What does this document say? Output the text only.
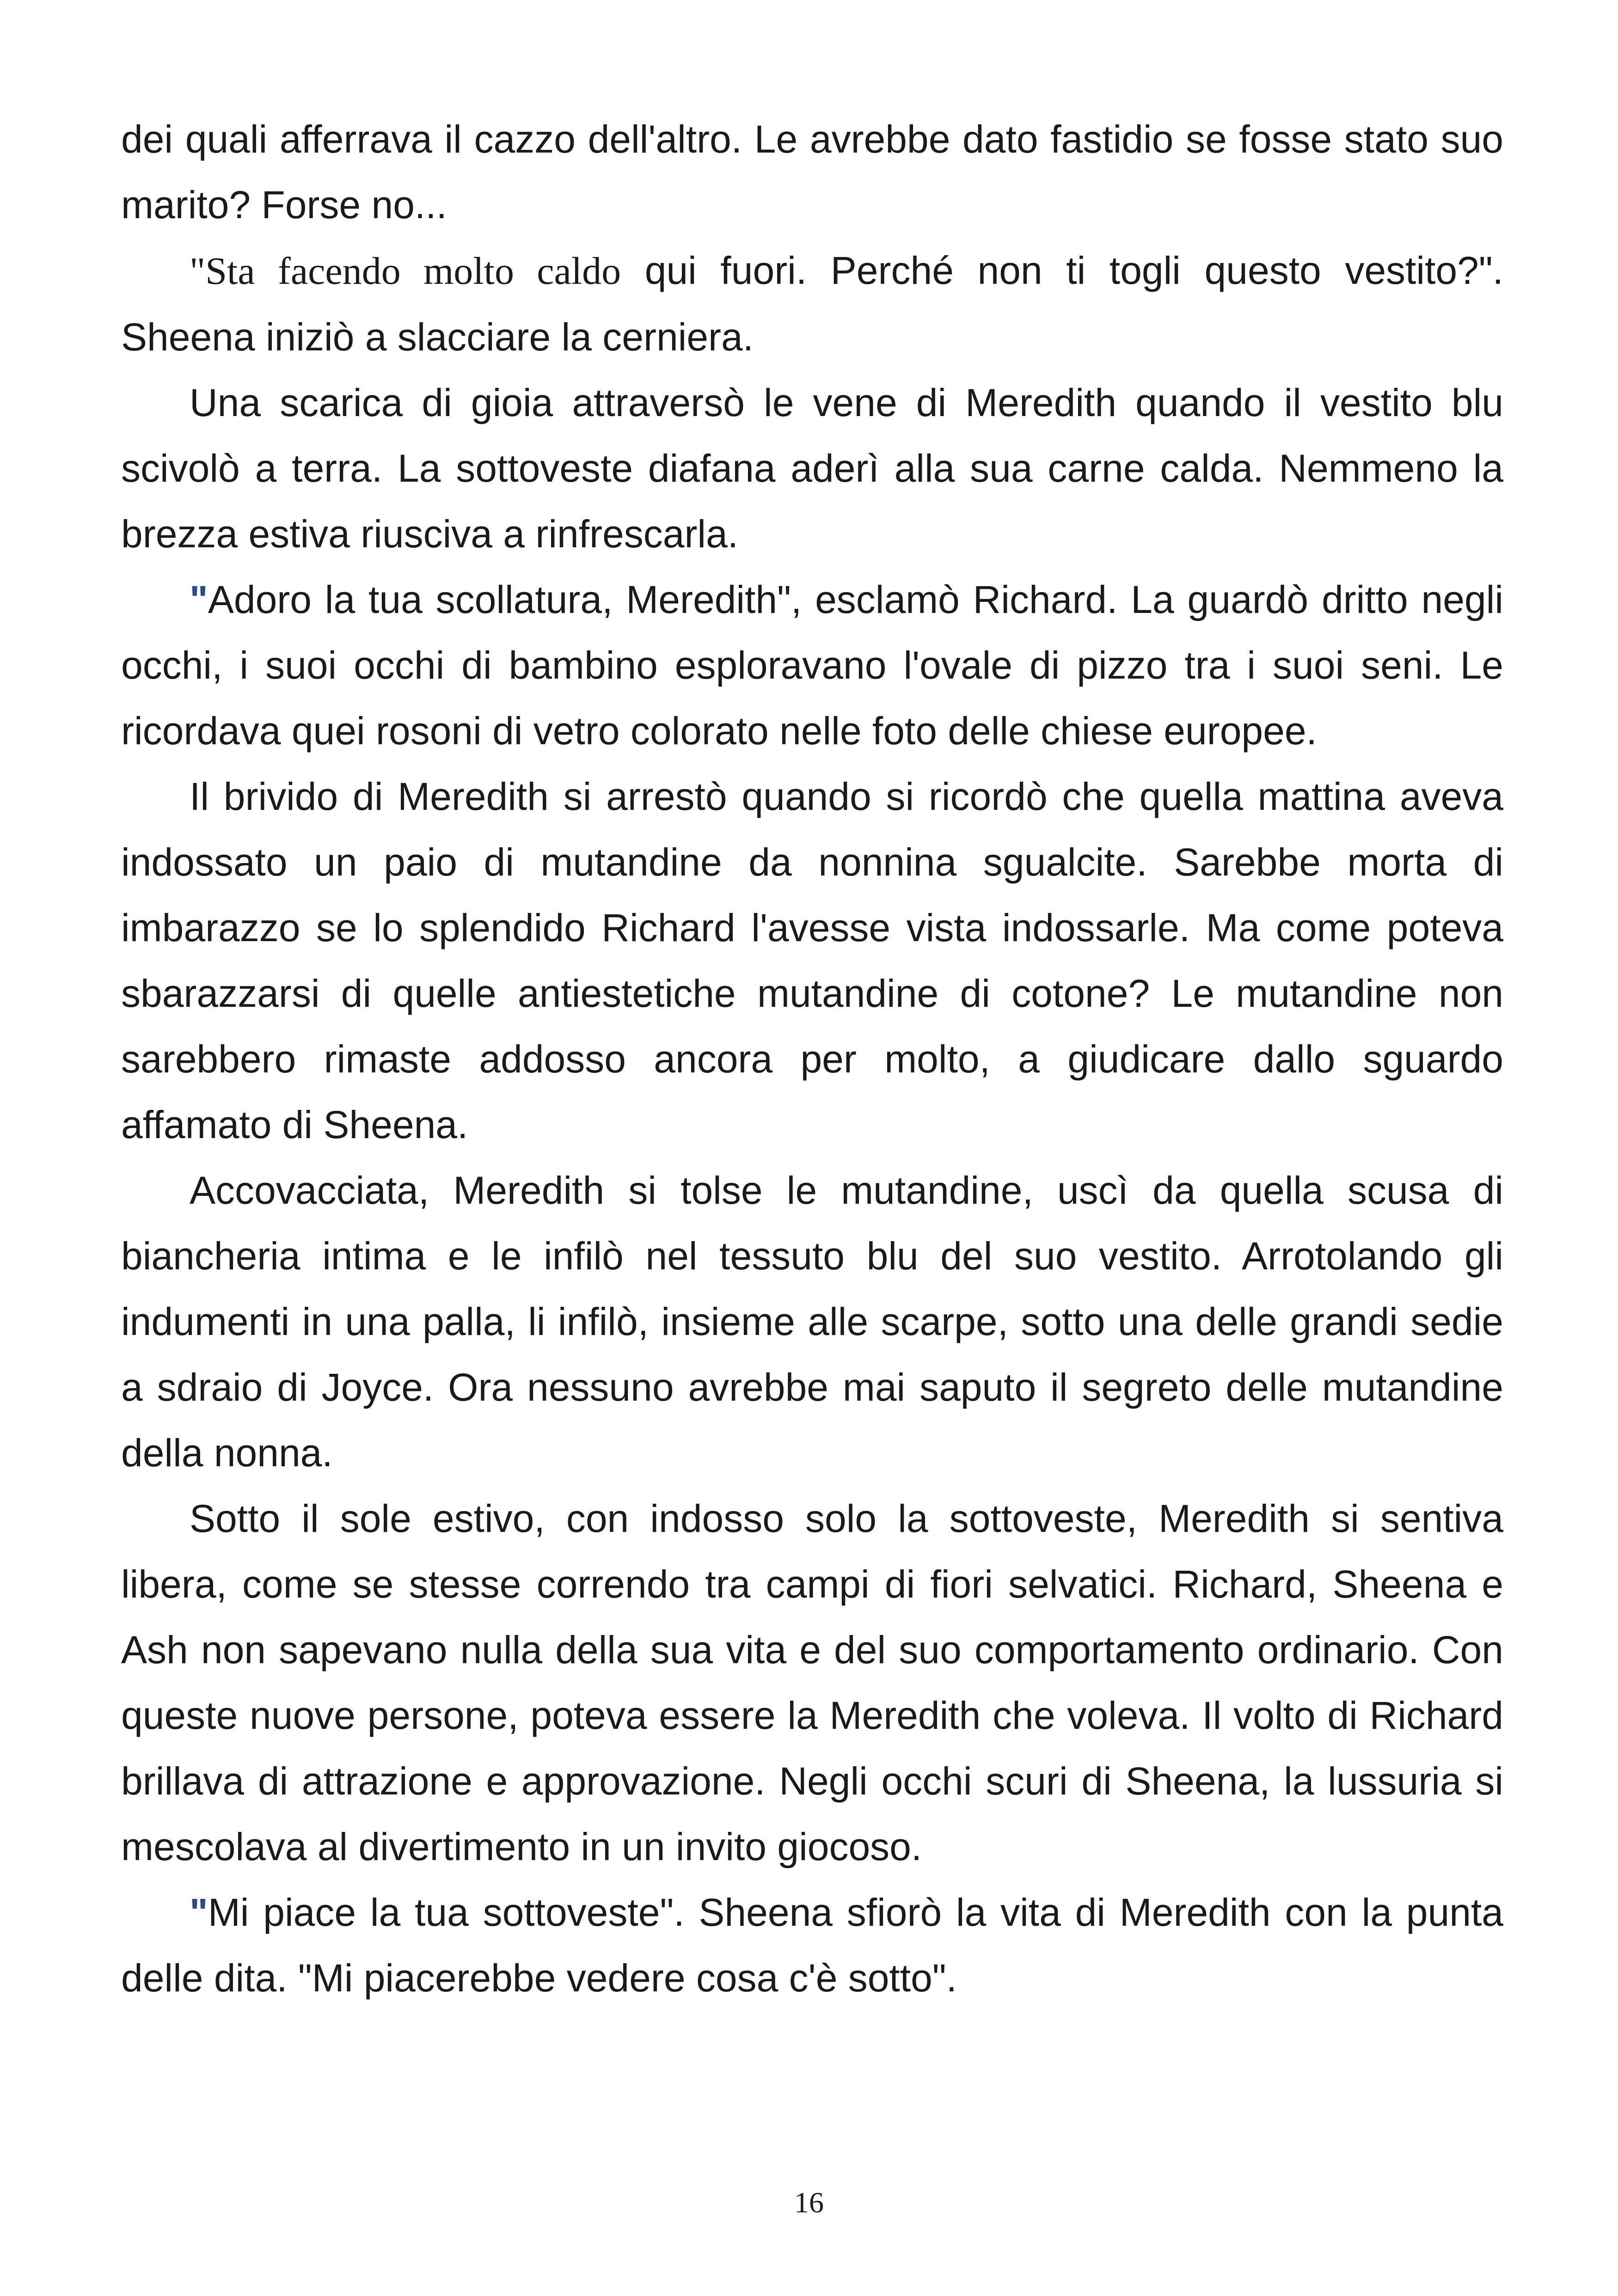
dei quali afferrava il cazzo dell'altro. Le avrebbe dato fastidio se fosse stato suo marito? Forse no...

"Sta facendo molto caldo qui fuori. Perché non ti togli questo vestito?". Sheena iniziò a slacciare la cerniera.

Una scarica di gioia attraversò le vene di Meredith quando il vestito blu scivolò a terra. La sottoveste diafana aderì alla sua carne calda. Nemmeno la brezza estiva riusciva a rinfrescarla.

"Adoro la tua scollatura, Meredith", esclamò Richard. La guardò dritto negli occhi, i suoi occhi di bambino esploravano l'ovale di pizzo tra i suoi seni. Le ricordava quei rosoni di vetro colorato nelle foto delle chiese europee.

Il brivido di Meredith si arrestò quando si ricordò che quella mattina aveva indossato un paio di mutandine da nonnina sgualcite. Sarebbe morta di imbarazzo se lo splendido Richard l'avesse vista indossarle. Ma come poteva sbarazzarsi di quelle antiestetiche mutandine di cotone? Le mutandine non sarebbero rimaste addosso ancora per molto, a giudicare dallo sguardo affamato di Sheena.

Accovacciata, Meredith si tolse le mutandine, uscì da quella scusa di biancheria intima e le infilò nel tessuto blu del suo vestito. Arrotolando gli indumenti in una palla, li infilò, insieme alle scarpe, sotto una delle grandi sedie a sdraio di Joyce. Ora nessuno avrebbe mai saputo il segreto delle mutandine della nonna.

Sotto il sole estivo, con indosso solo la sottoveste, Meredith si sentiva libera, come se stesse correndo tra campi di fiori selvatici. Richard, Sheena e Ash non sapevano nulla della sua vita e del suo comportamento ordinario. Con queste nuove persone, poteva essere la Meredith che voleva. Il volto di Richard brillava di attrazione e approvazione. Negli occhi scuri di Sheena, la lussuria si mescolava al divertimento in un invito giocoso.

"Mi piace la tua sottoveste". Sheena sfiorò la vita di Meredith con la punta delle dita. "Mi piacerebbe vedere cosa c'è sotto".

16
